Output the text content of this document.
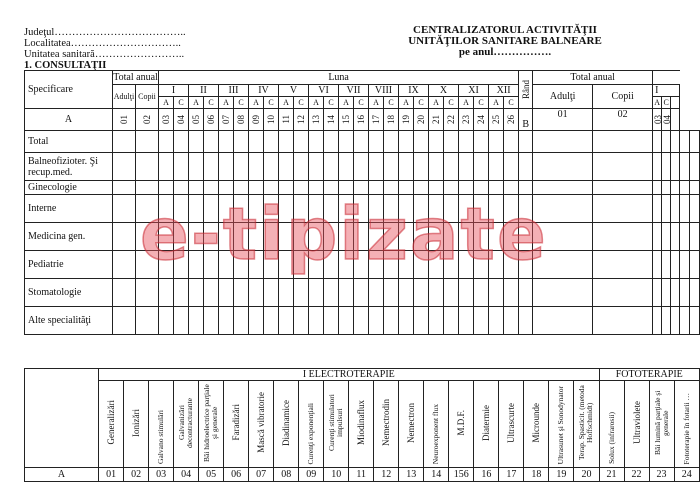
Judeţul………………………………..
Localitatea…………………………..
Unitatea sanitară……………………..
1. CONSULTAŢII
CENTRALIZATORUL ACTIVITĂŢII
UNITĂŢILOR SANITARE BALNEARE
pe anul…………….
Specificare	Total anual		Luna																								Rând	Total anual						
	Adulţi	Copii	I		II		III		IV		V		VI		VII		VIII		IX		X		XI		XII			Adulţi	Copii	I				
			A	C	A	C	A	C	A	C	A	C	A	C	A	C	A	C	A	C	A	C	A	C	A	C				A	C			
A	01	02	03	04	05	06	07	08	09	10	11	12	13	14	15	16	17	18	19	20	21	22	23	24	25	26	B	01	02	03	04			

Total																																		
Balneofizioter. Şi recup.med.																																		
Ginecologie																																		
Interne																																		
Medicina gen.																																		
Pediatrie																																		
Stomatologie																																		
Alte specialităţi																																		
	I ELECTROTERAPIE																				FOTOTERAPIE			

	Generalizări	Ionizări	Galvano stimulări	Galvanizări decontracturante	Băi hidroelectrice parţiale şi generale	Faradizări	Mască vibratorie	Diadinamice	Curenţi exponenţiali	Curenţi stimulatori impulsuri	Miodinaflux	Nemectrodin	Nemectron	Neuroexponent flux	M.D.F.	Diatermie	Ultrascurte	Microunde	Ultrasunet şi Sonodynator	Terap. Spasticit. (metoda Hoffschmidt)	Solux (infrarosii)	Ultraviolete	Băi lumină parţiale şi generale	Fototerapie în fotarii …

A	01	02	03	04	05	06	07	08	09	10	11	12	13	14	156	16	17	18	19	20	21	22	23	24
e-tipizate
